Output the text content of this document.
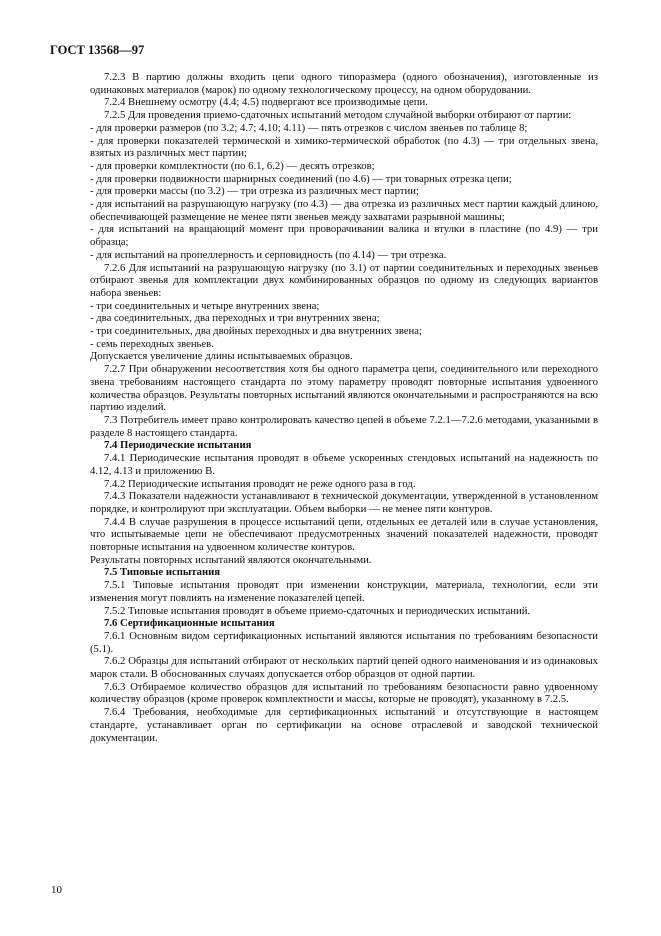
ГОСТ 13568—97

7.2.3 В партию должны входить цепи одного типоразмера (одного обозначения), изготовленные из одинаковых материалов (марок) по одному технологическому процессу, на одном оборудовании.

7.2.4 Внешнему осмотру (4.4; 4.5) подвергают все производимые цепи.

7.2.5 Для проведения приемо-сдаточных испытаний методом случайной выборки отбирают от партии:

- для проверки размеров (по 3.2; 4.7; 4.10; 4.11) — пять отрезков с числом звеньев по таблице 8;

- для проверки показателей термической и химико-термической обработок (по 4.3) — три отдельных звена, взятых из различных мест партии;

- для проверки комплектности (по 6.1, 6.2) — десять отрезков;

- для проверки подвижности шарнирных соединений (по 4.6) — три товарных отрезка цепи;

- для проверки массы (по 3.2) — три отрезка из различных мест партии;

- для испытаний на разрушающую нагрузку (по 4.3) — два отрезка из различных мест партии каждый длиною, обеспечивающей размещение не менее пяти звеньев между захватами разрывной машины;

- для испытаний на вращающий момент при проворачивании валика и втулки в пластине (по 4.9) — три образца;

- для испытаний на пропеллерность и серповидность (по 4.14) — три отрезка.

7.2.6 Для испытаний на разрушающую нагрузку (по 3.1) от партии соединительных и переходных звеньев отбирают звенья для комплектации двух комбинированных образцов по одному из следующих вариантов набора звеньев:

- три соединительных и четыре внутренних звена;

- два соединительных, два переходных и три внутренних звена;

- три соединительных, два двойных переходных и два внутренних звена;

- семь переходных звеньев.

Допускается увеличение длины испытываемых образцов.

7.2.7 При обнаружении несоответствия хотя бы одного параметра цепи, соединительного или переходного звена требованиям настоящего стандарта по этому параметру проводят повторные испытания удвоенного количества образцов. Результаты повторных испытаний являются окончательными и распространяются на всю партию изделий.

7.3 Потребитель имеет право контролировать качество цепей в объеме 7.2.1—7.2.6 методами, указанными в разделе 8 настоящего стандарта.

7.4 Периодические испытания

7.4.1 Периодические испытания проводят в объеме ускоренных стендовых испытаний на надежность по 4.12, 4.13 и приложению В.

7.4.2 Периодические испытания проводят не реже одного раза в год.

7.4.3 Показатели надежности устанавливают в технической документации, утвержденной в установленном порядке, и контролируют при эксплуатации. Объем выборки — не менее пяти контуров.

7.4.4 В случае разрушения в процессе испытаний цепи, отдельных ее деталей или в случае установления, что испытываемые цепи не обеспечивают предусмотренных значений показателей надежности, проводят повторные испытания на удвоенном количестве контуров.

Результаты повторных испытаний являются окончательными.

7.5 Типовые испытания

7.5.1 Типовые испытания проводят при изменении конструкции, материала, технологии, если эти изменения могут повлиять на изменение показателей цепей.

7.5.2 Типовые испытания проводят в объеме приемо-сдаточных и периодических испытаний.

7.6 Сертификационные испытания

7.6.1 Основным видом сертификационных испытаний являются испытания по требованиям безопасности (5.1).

7.6.2 Образцы для испытаний отбирают от нескольких партий цепей одного наименования и из одинаковых марок стали. В обоснованных случаях допускается отбор образцов от одной партии.

7.6.3 Отбираемое количество образцов для испытаний по требованиям безопасности равно удвоенному количеству образцов (кроме проверок комплектности и массы, которые не проводят), указанному в 7.2.5.

7.6.4 Требования, необходимые для сертификационных испытаний и отсутствующие в настоящем стандарте, устанавливает орган по сертификации на основе отраслевой и заводской технической документации.

10
